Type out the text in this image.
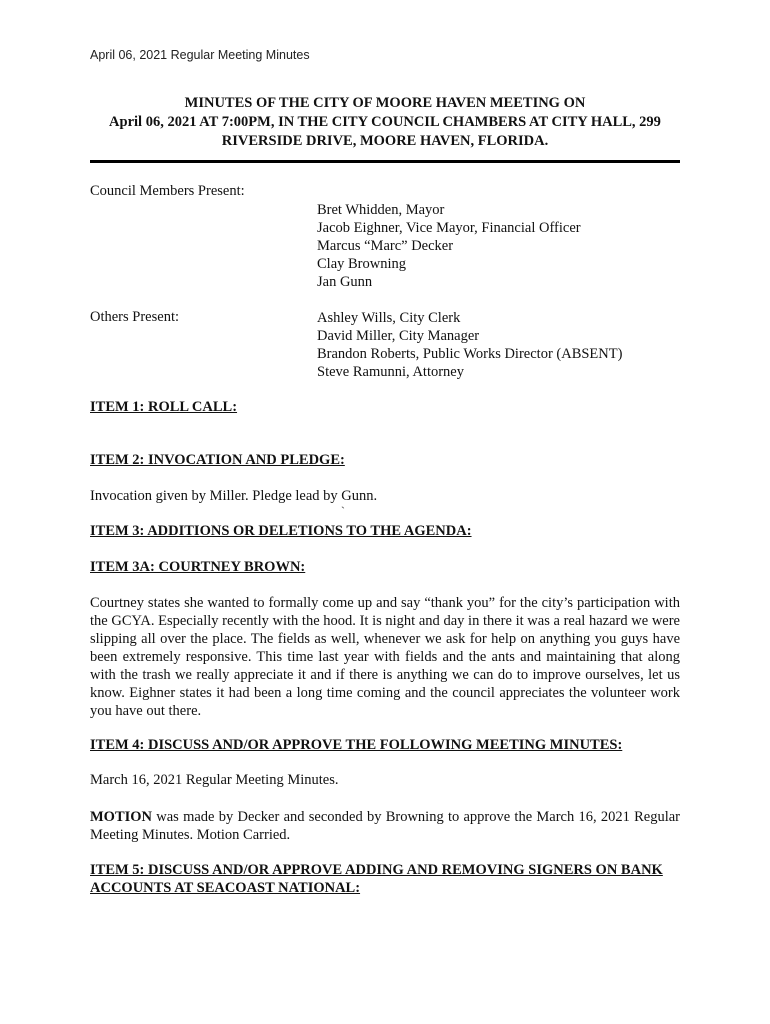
April 06, 2021 Regular Meeting Minutes
MINUTES OF THE CITY OF MOORE HAVEN MEETING ON
April 06, 2021 AT 7:00PM, IN THE CITY COUNCIL CHAMBERS AT CITY HALL, 299
RIVERSIDE DRIVE, MOORE HAVEN, FLORIDA.
Council Members Present:
Bret Whidden, Mayor
Jacob Eighner, Vice Mayor, Financial Officer
Marcus “Marc” Decker
Clay Browning
Jan Gunn
Others Present:	Ashley Wills, City Clerk
David Miller, City Manager
Brandon Roberts, Public Works Director (ABSENT)
Steve Ramunni, Attorney
ITEM 1: ROLL CALL:
ITEM 2: INVOCATION AND PLEDGE:
Invocation given by Miller. Pledge lead by Gunn.
`
ITEM 3: ADDITIONS OR DELETIONS TO THE AGENDA:
ITEM 3A: COURTNEY BROWN:
Courtney states she wanted to formally come up and say “thank you” for the city’s participation with the GCYA. Especially recently with the hood. It is night and day in there it was a real hazard we were slipping all over the place. The fields as well, whenever we ask for help on anything you guys have been extremely responsive. This time last year with fields and the ants and maintaining that along with the trash we really appreciate it and if there is anything we can do to improve ourselves, let us know. Eighner states it had been a long time coming and the council appreciates the volunteer work you have out there.
ITEM 4: DISCUSS AND/OR APPROVE THE FOLLOWING MEETING MINUTES:
March 16, 2021 Regular Meeting Minutes.
MOTION was made by Decker and seconded by Browning to approve the March 16, 2021 Regular Meeting Minutes. Motion Carried.
ITEM 5: DISCUSS AND/OR APPROVE ADDING AND REMOVING SIGNERS ON BANK ACCOUNTS AT SEACOAST NATIONAL:
